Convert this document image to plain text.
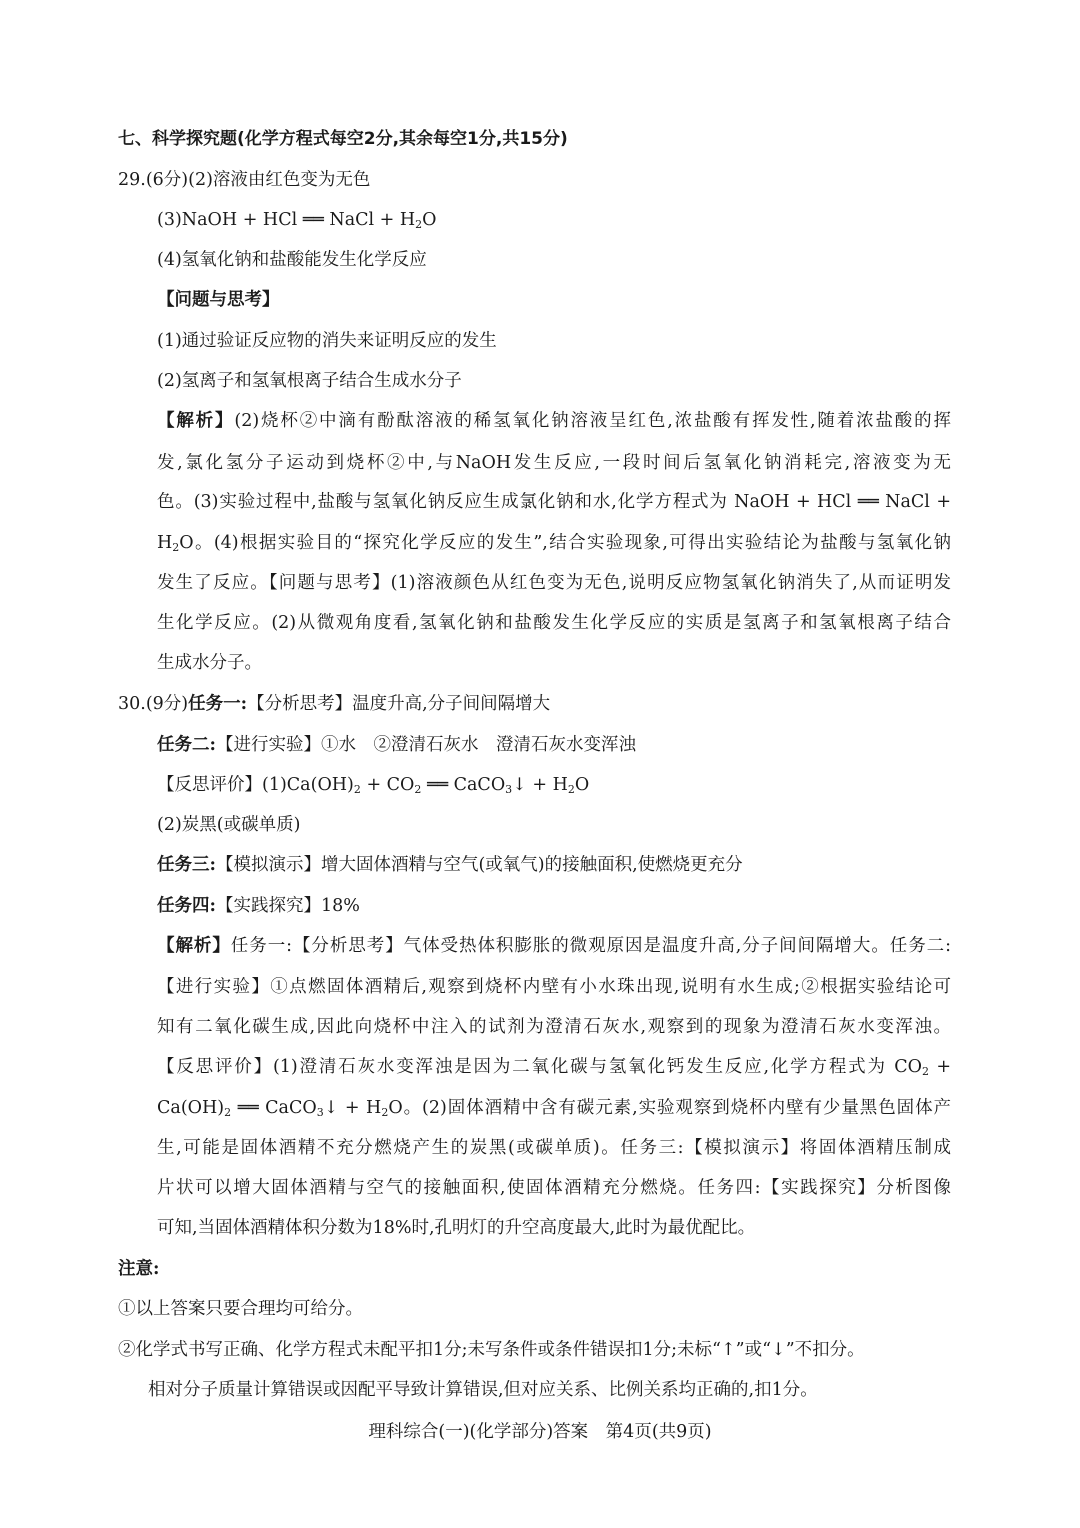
七、科学探究题(化学方程式每空2分,其余每空1分,共15分)
29.(6分)(2)溶液由红色变为无色
(3)NaOH + HCl ══ NaCl + $H_2O$
(4)氢氧化钠和盐酸能发生化学反应
【问题与思考】
(1)通过验证反应物的消失来证明反应的发生
(2)氢离子和氢氧根离子结合生成水分子
【解析】(2)烧杯②中滴有酚酞溶液的稀氢氧化钠溶液呈红色,浓盐酸有挥发性,随着浓盐酸的挥
发,氯化氢分子运动到烧杯②中,与NaOH发生反应,一段时间后氢氧化钠消耗完,溶液变为无
色。(3)实验过程中,盐酸与氢氧化钠反应生成氯化钠和水,化学方程式为 NaOH + HCl ══ NaCl +
$H_2O$。(4)根据实验目的“探究化学反应的发生”,结合实验现象,可得出实验结论为盐酸与氢氧化钠
发生了反应。【问题与思考】(1)溶液颜色从红色变为无色,说明反应物氢氧化钠消失了,从而证明发
生化学反应。(2)从微观角度看,氢氧化钠和盐酸发生化学反应的实质是氢离子和氢氧根离子结合
生成水分子。
30.(9分)任务一:【分析思考】温度升高,分子间间隔增大
任务二:【进行实验】①水　②澄清石灰水　澄清石灰水变浑浊
【反思评价】$(1)Ca(OH)_2 + CO_2$ ══ CaCO$_3$↓ + $H_2O$
(2)炭黑(或碳单质)
任务三:【模拟演示】增大固体酒精与空气(或氧气)的接触面积,使燃烧更充分
任务四:【实践探究】18%
【解析】任务一:【分析思考】气体受热体积膨胀的微观原因是温度升高,分子间间隔增大。任务二:
【进行实验】①点燃固体酒精后,观察到烧杯内壁有小水珠出现,说明有水生成;②根据实验结论可
知有二氧化碳生成,因此向烧杯中注入的试剂为澄清石灰水,观察到的现象为澄清石灰水变浑浊。
【反思评价】(1)澄清石灰水变浑浊是因为二氧化碳与氢氧化钙发生反应,化学方程式为 $CO_2$ +
$Ca(OH)_2$ ══ CaCO$_3$↓ + $H_2O$。(2)固体酒精中含有碳元素,实验观察到烧杯内壁有少量黑色固体产
生,可能是固体酒精不充分燃烧产生的炭黑(或碳单质)。任务三:【模拟演示】将固体酒精压制成
片状可以增大固体酒精与空气的接触面积,使固体酒精充分燃烧。任务四:【实践探究】分析图像
可知,当固体酒精体积分数为18%时,孔明灯的升空高度最大,此时为最优配比。
注意:
①以上答案只要合理均可给分。
②化学式书写正确、化学方程式未配平扣1分;未写条件或条件错误扣1分;未标“↑”或“↓”不扣分。
相对分子质量计算错误或因配平导致计算错误,但对应关系、比例关系均正确的,扣1分。
理科综合(一)(化学部分)答案　第4页(共9页)
